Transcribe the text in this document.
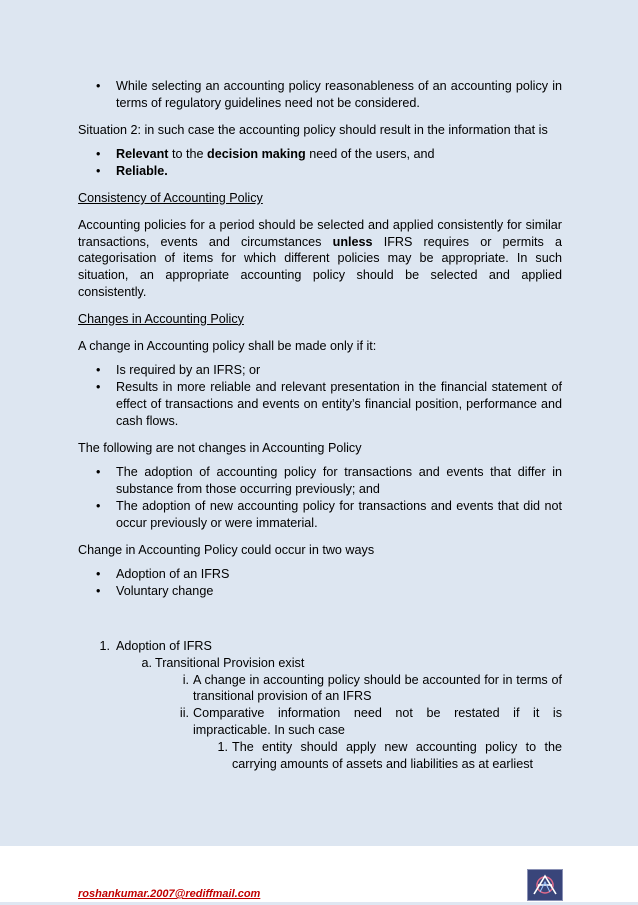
• While selecting an accounting policy reasonableness of an accounting policy in terms of regulatory guidelines need not be considered.

Situation 2: in such case the accounting policy should result in the information that is

• Relevant to the decision making need of the users, and
• Reliable.

Consistency of Accounting Policy

Accounting policies for a period should be selected and applied consistently for similar transactions, events and circumstances unless IFRS requires or permits a categorisation of items for which different policies may be appropriate. In such situation, an appropriate accounting policy should be selected and applied consistently.

Changes in Accounting Policy

A change in Accounting policy shall be made only if it:

• Is required by an IFRS; or
• Results in more reliable and relevant presentation in the financial statement of effect of transactions and events on entity’s financial position, performance and cash flows.

The following are not changes in Accounting Policy

• The adoption of accounting policy for transactions and events that differ in substance from those occurring previously; and
• The adoption of new accounting policy for transactions and events that did not occur previously or were immaterial.

Change in Accounting Policy could occur in two ways

• Adoption of an IFRS
• Voluntary change
1. Adoption of IFRS
a. Transitional Provision exist
i. A change in accounting policy should be accounted for in terms of transitional provision of an IFRS
ii. Comparative information need not be restated if it is impracticable. In such case
1. The entity should apply new accounting policy to the carrying amounts of assets and liabilities as at earliest
roshankumar.2007@rediffmail.com
